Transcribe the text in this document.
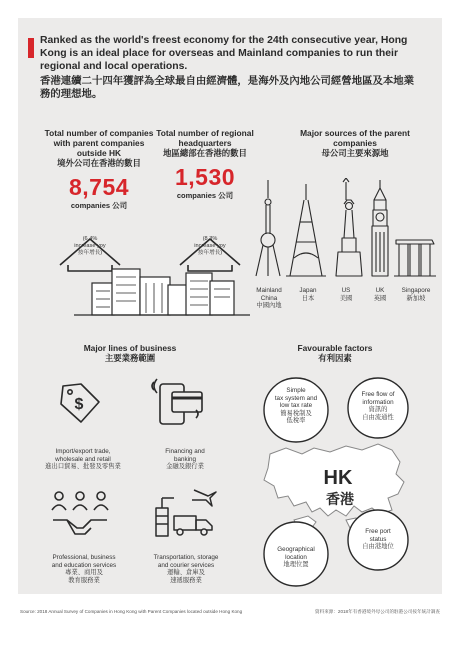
Ranked as the world's freest economy for the 24th consecutive year, Hong Kong is an ideal place for overseas and Mainland companies to run their regional and local operations.
香港連續二十四年獲評為全球最自由經濟體，是海外及內地公司經營地區及本地業務的理想地。
Total number of companies with parent companies outside HK
境外公司在香港的數目
8,754
companies 公司
Total number of regional headquarters
地區總部在香港的數目
1,530
companies 公司
(6.4%
increase yoy
按年增長)
(8.3%
increase yoy
按年增長)
Major sources of the parent companies
母公司主要來源地
Mainland China
中國內地
Japan
日本
US
美國
UK
英國
Singapore
新加坡
Major lines of business
主要業務範圍
$
Import/export trade,
wholesale and retail
進出口貿易、批發及零售業
Financing and
banking
金融及銀行業
Professional, business
and education services
專業、商用及
教育服務業
Transportation, storage
and courier services
運輸、倉庫及
速遞服務業
Favourable factors
有利因素
HK
香港
Simple
tax system and
low tax rate
簡易稅制及
低稅率
Free flow of
information
資訊的
自由流通性
Free port
status
自由港地位
Geographical
location
地理位置
Source: 2018 Annual Survey of Companies in Hong Kong with Parent Companies located outside Hong Kong	資料來源：2018年有香港境外母公司的駐港公司按年統計調查
